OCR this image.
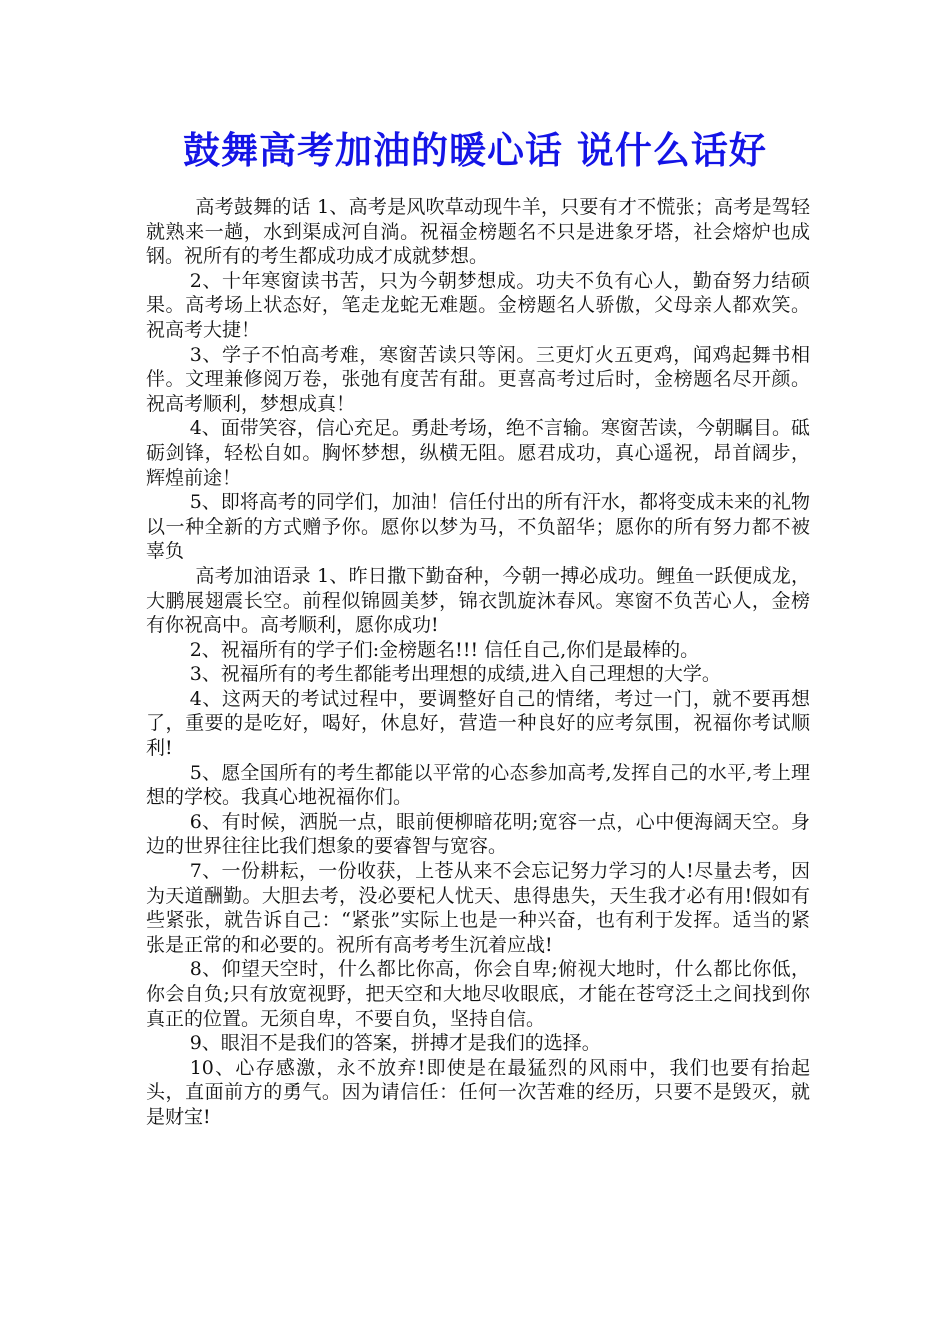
鼓舞高考加油的暖心话 说什么话好

高考鼓舞的话 1、高考是风吹草动现牛羊，只要有才不慌张；高考是驾轻就熟来一趟，水到渠成河自淌。祝福金榜题名不只是进象牙塔，社会熔炉也成钢。祝所有的考生都成功成才成就梦想。

2、十年寒窗读书苦，只为今朝梦想成。功夫不负有心人，勤奋努力结硕果。高考场上状态好，笔走龙蛇无难题。金榜题名人骄傲，父母亲人都欢笑。祝高考大捷！

3、学子不怕高考难，寒窗苦读只等闲。三更灯火五更鸡，闻鸡起舞书相伴。文理兼修阅万卷，张弛有度苦有甜。更喜高考过后时，金榜题名尽开颜。祝高考顺利，梦想成真！

4、面带笑容，信心充足。勇赴考场，绝不言输。寒窗苦读，今朝瞩目。砥砺剑锋，轻松自如。胸怀梦想，纵横无阻。愿君成功，真心遥祝，昂首阔步，辉煌前途！

5、即将高考的同学们，加油！信任付出的所有汗水，都将变成未来的礼物以一种全新的方式赠予你。愿你以梦为马，不负韶华；愿你的所有努力都不被辜负

高考加油语录 1、昨日撒下勤奋种，今朝一搏必成功。鲤鱼一跃便成龙，大鹏展翅震长空。前程似锦圆美梦，锦衣凯旋沐春风。寒窗不负苦心人，金榜有你祝高中。高考顺利，愿你成功!

2、祝福所有的学子们:金榜题名!!! 信任自己,你们是最棒的。

3、祝福所有的考生都能考出理想的成绩,进入自己理想的大学。

4、这两天的考试过程中，要调整好自己的情绪，考过一门，就不要再想了，重要的是吃好，喝好，休息好，营造一种良好的应考氛围，祝福你考试顺利!

5、愿全国所有的考生都能以平常的心态参加高考,发挥自己的水平,考上理想的学校。我真心地祝福你们。

6、有时候，洒脱一点，眼前便柳暗花明;宽容一点，心中便海阔天空。身边的世界往往比我们想象的要睿智与宽容。

7、一份耕耘，一份收获，上苍从来不会忘记努力学习的人!尽量去考，因为天道酬勤。大胆去考，没必要杞人忧天、患得患失，天生我才必有用!假如有些紧张，就告诉自己：“紧张”实际上也是一种兴奋，也有利于发挥。适当的紧张是正常的和必要的。祝所有高考考生沉着应战!

8、仰望天空时，什么都比你高，你会自卑;俯视大地时，什么都比你低，你会自负;只有放宽视野，把天空和大地尽收眼底，才能在苍穹泛土之间找到你真正的位置。无须自卑，不要自负，坚持自信。

9、眼泪不是我们的答案，拼搏才是我们的选择。

10、心存感激，永不放弃!即使是在最猛烈的风雨中，我们也要有抬起头，直面前方的勇气。因为请信任：任何一次苦难的经历，只要不是毁灭，就是财宝!
